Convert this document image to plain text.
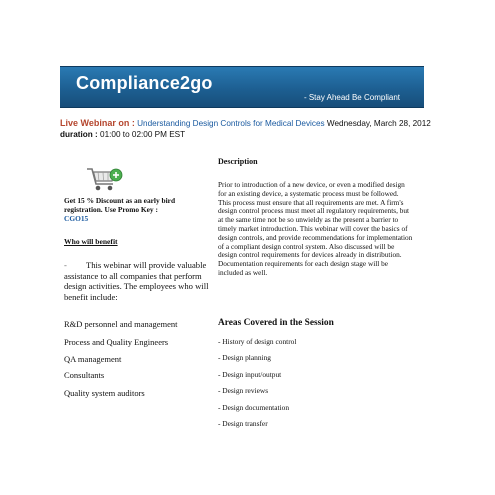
Compliance2go
- Stay Ahead Be Compliant
Live Webinar on : Understanding Design Controls for Medical Devices Wednesday, March 28, 2012 duration : 01:00 to 02:00 PM EST
Get 15 % Discount as an early bird registration. Use Promo Key :
CGO15
Who will benefit
- This webinar will provide valuable assistance to all companies that perform design activities. The employees who will benefit include:
R&D personnel and management
Process and Quality Engineers
QA management
Consultants
Quality system auditors
Description
Prior to introduction of a new device, or even a modified design for an existing device, a systematic process must be followed. This process must ensure that all requirements are met. A firm's design control process must meet all regulatory requirements, but at the same time not be so unwieldy as the present a barrier to timely market introduction. This webinar will cover the basics of design controls, and provide recommendations for implementation of a compliant design control system. Also discussed will be design control requirements for devices already in distribution. Documentation requirements for each design stage will be included as well.
Areas Covered in the Session
- History of design control
- Design planning
- Design input/output
- Design reviews
- Design documentation
- Design transfer
